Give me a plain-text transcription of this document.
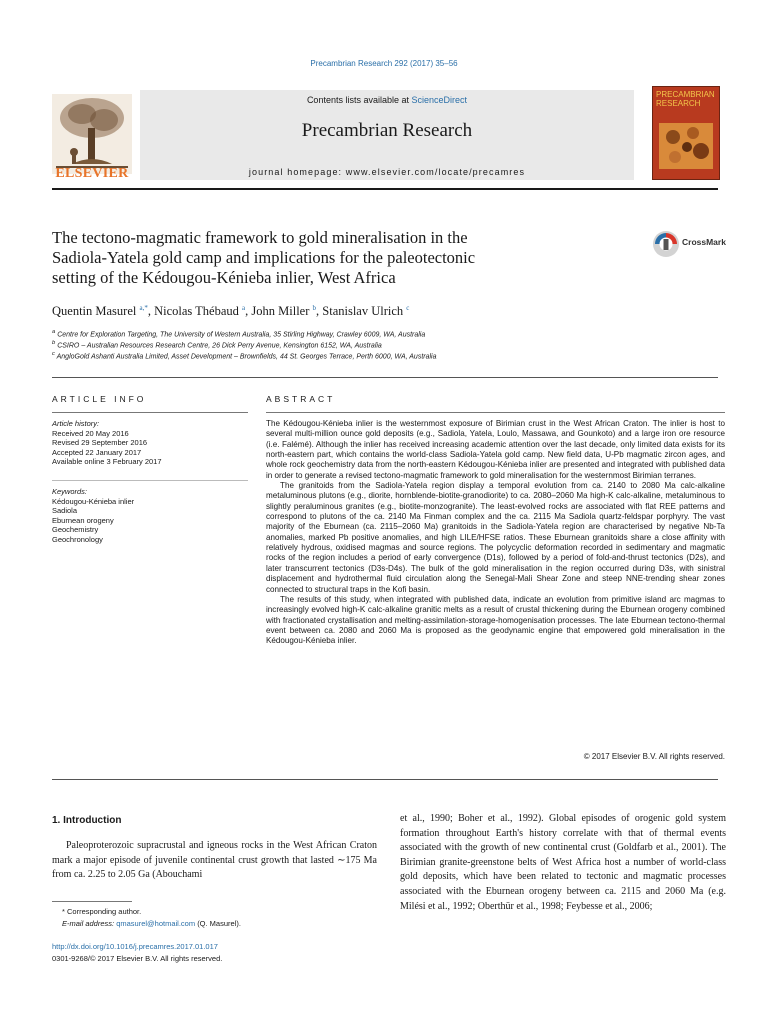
Precambrian Research 292 (2017) 35–56
ELSEVIER
Contents lists available at ScienceDirect
Precambrian Research
journal homepage: www.elsevier.com/locate/precamres
PRECAMBRIAN RESEARCH
The tectono-magmatic framework to gold mineralisation in the
Sadiola-Yatela gold camp and implications for the paleotectonic
setting of the Kédougou-Kénieba inlier, West Africa
CrossMark
Quentin Masurel $^{a,*}$, Nicolas Thébaud $^a$, John Miller $^b$, Stanislav Ulrich $^c$
$^a$ Centre for Exploration Targeting, The University of Western Australia, 35 Stirling Highway, Crawley 6009, WA, Australia
$^b$ CSIRO – Australian Resources Research Centre, 26 Dick Perry Avenue, Kensington 6152, WA, Australia
$^c$ AngloGold Ashanti Australia Limited, Asset Development – Brownfields, 44 St. Georges Terrace, Perth 6000, WA, Australia
ARTICLE INFO
Article history:
Received 20 May 2016
Revised 29 September 2016
Accepted 22 January 2017
Available online 3 February 2017
Keywords:
Kédougou-Kénieba inlier
Sadiola
Eburnean orogeny
Geochemistry
Geochronology
ABSTRACT

The Kédougou-Kénieba inlier is the westernmost exposure of Birimian crust in the West African Craton. The inlier is host to several multi-million ounce gold deposits (e.g., Sadiola, Yatela, Loulo, Massawa, and Gounkoto) and a large iron ore resource (i.e. Falémé). Although the inlier has received increasing academic attention over the last decade, only limited data exists for its north-eastern part, which contains the world-class Sadiola-Yatela gold camp. New field data, U-Pb magmatic zircon ages, and whole rock geochemistry data from the north-eastern Kédougou-Kénieba inlier are presented and integrated with published data in order to generate a revised tectono-magmatic framework to gold mineralisation for the westernmost Birimian terranes.

The granitoids from the Sadiola-Yatela region display a temporal evolution from ca. 2140 to 2080 Ma calc-alkaline metaluminous plutons (e.g., diorite, hornblende-biotite-granodiorite) to ca. 2080–2060 Ma high-K calc-alkaline, metaluminous to slightly peraluminous granites (e.g., biotite-monzogranite). The least-evolved rocks are associated with flat REE patterns and correspond to plutons of the ca. 2140 Ma Finman complex and the ca. 2115 Ma Sadiola quartz-feldspar porphyry. The vast majority of the Eburnean (ca. 2115–2060 Ma) granitoids in the Sadiola-Yatela region are characterised by negative Nb-Ta anomalies, marked Pb positive anomalies, and high LILE/HFSE ratios. These Eburnean granitoids share a close affinity with relatively hydrous, oxidised magmas and source regions. The polycyclic deformation recorded in sedimentary and magmatic rocks of the region includes a period of early convergence (D1s), followed by a period of fold-and-thrust tectonics (D2s), and later transcurrent tectonics (D3s-D4s). The bulk of the gold mineralisation in the region occurred during D3s, with sinistral displacement and hydrothermal fluid circulation along the Senegal-Mali Shear Zone and steep NNE-trending shear zones connected to structural traps in the Kofi basin.

The results of this study, when integrated with published data, indicate an evolution from primitive island arc magmas to increasingly evolved high-K calc-alkaline granitic melts as a result of crustal thickening during the Eburnean orogeny combined with fractionated crystallisation and melting-assimilation-storage-homogenisation processes. The late Eburnean tectono-thermal event between ca. 2080 and 2060 Ma is proposed as the geodynamic engine that empowered gold mineralisation in the Kédougou-Kénieba inlier.

© 2017 Elsevier B.V. All rights reserved.
1. Introduction
Paleoproterozoic supracrustal and igneous rocks in the West African Craton mark a major episode of juvenile continental crust growth that lasted ∼175 Ma from ca. 2.25 to 2.05 Ga (Abouchami
et al., 1990; Boher et al., 1992). Global episodes of orogenic gold system formation throughout Earth's history correlate with that of thermal events associated with the growth of new continental crust (Goldfarb et al., 2001). The Birimian granite-greenstone belts of West Africa host a number of world-class gold deposits, which have been related to tectonic and magmatic processes associated with the Eburnean orogeny between ca. 2115 and 2060 Ma (e.g. Milési et al., 1992; Oberthür et al., 1998; Feybesse et al., 2006;
* Corresponding author.
E-mail address: qmasurel@hotmail.com (Q. Masurel).
http://dx.doi.org/10.1016/j.precamres.2017.01.017
0301-9268/© 2017 Elsevier B.V. All rights reserved.
